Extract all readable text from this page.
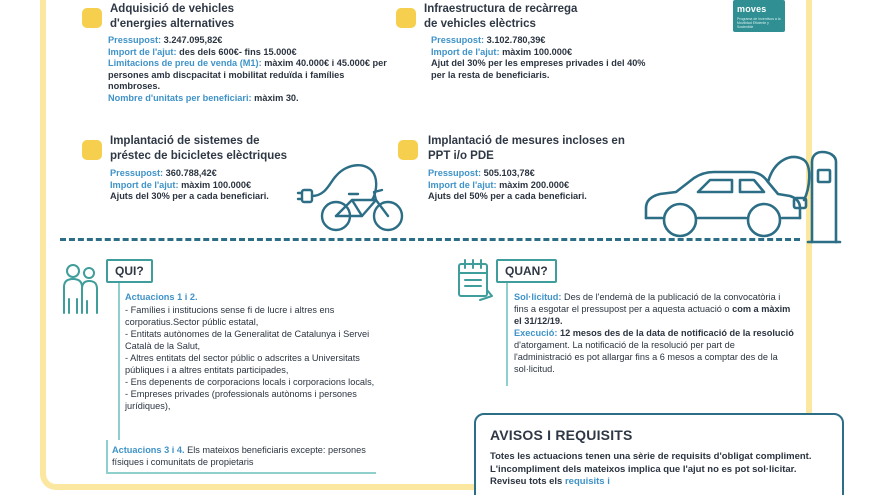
moves
Programa de Incentivos a la Movilidad Eficiente y Sostenible
Adquisició de vehicles
d'energies alternatives
Pressupost: 3.247.095,82€
Import de l'ajut: des dels 600€- fins 15.000€
Limitacions de preu de venda (M1): màxim 40.000€ i 45.000€ per persones amb discpacitat i mobilitat reduïda i famílies nombroses.
Nombre d'unitats per beneficiari: màxim 30.
Infraestructura de recàrrega
de vehicles elèctrics
Pressupost: 3.102.780,39€
Import de l'ajut: màxim 100.000€
Ajut del 30% per les empreses privades i del 40% per la resta de beneficiaris.
Implantació de sistemes de
préstec de bicicletes elèctriques
Pressupost: 360.788,42€
Import de l'ajut: màxim 100.000€
Ajuts del 30% per a cada beneficiari.
Implantació de mesures incloses en
PPT i/o PDE
Pressupost: 505.103,78€
Import de l'ajut: màxim 200.000€
Ajuts del 50% per a cada beneficiari.
QUI?

Actuacions 1 i 2.

- Famílies i institucions sense fi de lucre i altres ens corporatius.Sector públic estatal,

- Entitats autònomes de la Generalitat de Catalunya i Servei Català de la Salut,

- Altres entitats del sector públic o adscrites a Universitats públiques i a altres entitats participades,

- Ens depenents de corporacions locals i corporacions locals,

- Empreses privades (professionals autònoms i persones jurídiques),

Actuacions 3 i 4. Els mateixos beneficiaris excepte: persones físiques i comunitats de propietaris

QUAN?

Sol·licitud: Des de l'endemà de la publicació de la convocatòria i fins a esgotar el pressupost per a aquesta actuació o com a màxim el 31/12/19.

Execució: 12 mesos des de la data de notificació de la resolució d'atorgament. La notificació de la resolució per part de l'administració es pot allargar fins a 6 mesos a comptar des de la sol·licitud.

AVISOS I REQUISITS

Totes les actuacions tenen una sèrie de requisits d'obligat compliment. L'incompliment dels mateixos implica que l'ajut no es pot sol·licitar. Reviseu tots els requisits i
